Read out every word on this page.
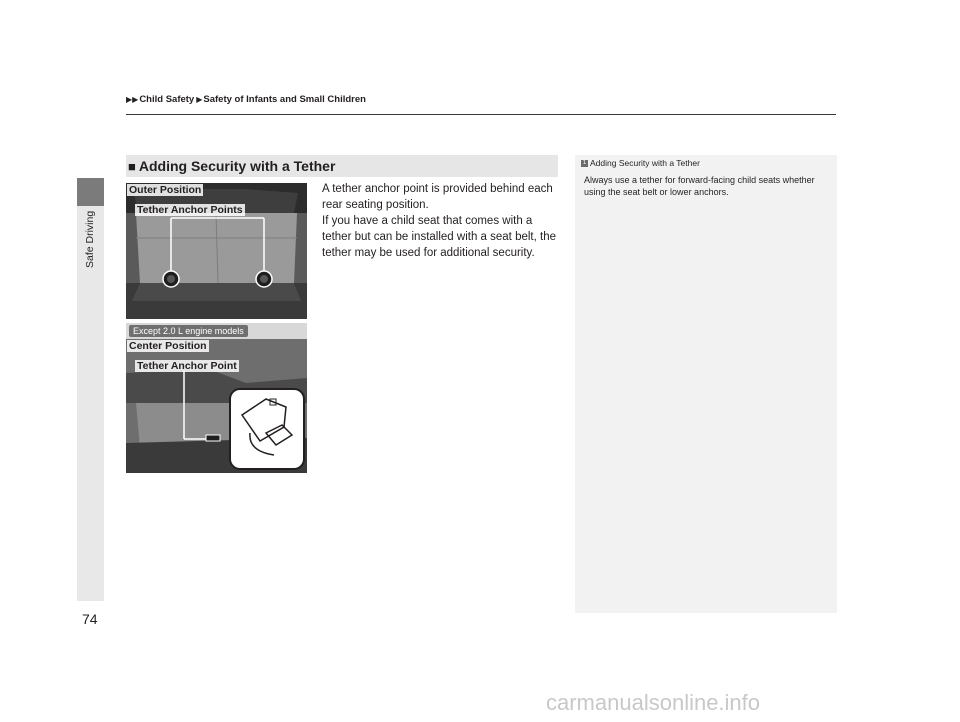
▶▶Child Safety ▶Safety of Infants and Small Children
Safe Driving
74
■ Adding Security with a Tether

A tether anchor point is provided behind each rear seating position.

If you have a child seat that comes with a tether but can be installed with a seat belt, the tether may be used for additional security.

Outer Position
Tether Anchor Points
Except 2.0 L engine models
Center Position
Tether Anchor Point
1 Adding Security with a Tether
Always use a tether for forward-facing child seats whether using the seat belt or lower anchors.
carmanualsonline.info
